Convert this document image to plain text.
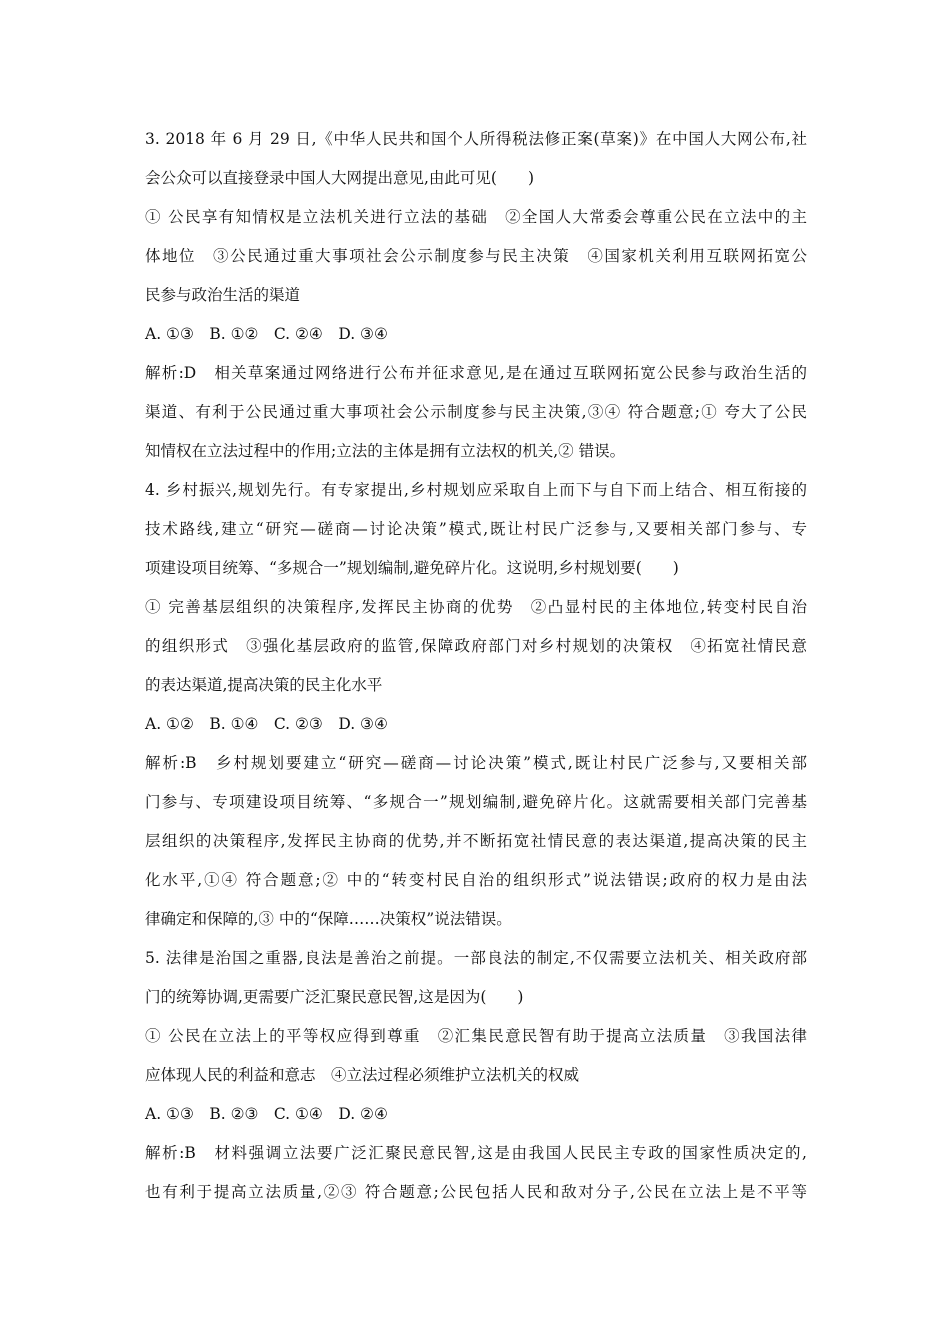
3. 2018 年 6 月 29 日,《中华人民共和国个人所得税法修正案(草案)》在中国人大网公布,社
会公众可以直接登录中国人大网提出意见,由此可见(　　)
① 公民享有知情权是立法机关进行立法的基础　②全国人大常委会尊重公民在立法中的主
体地位　③公民通过重大事项社会公示制度参与民主决策　④国家机关利用互联网拓宽公
民参与政治生活的渠道
A. ①③　B. ①②　C. ②④　D. ③④
解析:D　相关草案通过网络进行公布并征求意见,是在通过互联网拓宽公民参与政治生活的
渠道、有利于公民通过重大事项社会公示制度参与民主决策,③④ 符合题意;① 夸大了公民
知情权在立法过程中的作用;立法的主体是拥有立法权的机关,② 错误。
4. 乡村振兴,规划先行。有专家提出,乡村规划应采取自上而下与自下而上结合、相互衔接的
技术路线,建立“研究—磋商—讨论决策”模式,既让村民广泛参与,又要相关部门参与、专
项建设项目统筹、“多规合一”规划编制,避免碎片化。这说明,乡村规划要(　　)
① 完善基层组织的决策程序,发挥民主协商的优势　②凸显村民的主体地位,转变村民自治
的组织形式　③强化基层政府的监管,保障政府部门对乡村规划的决策权　④拓宽社情民意
的表达渠道,提高决策的民主化水平
A. ①②　B. ①④　C. ②③　D. ③④
解析:B　乡村规划要建立“研究—磋商—讨论决策”模式,既让村民广泛参与,又要相关部
门参与、专项建设项目统筹、“多规合一”规划编制,避免碎片化。这就需要相关部门完善基
层组织的决策程序,发挥民主协商的优势,并不断拓宽社情民意的表达渠道,提高决策的民主
化水平,①④ 符合题意;② 中的“转变村民自治的组织形式”说法错误;政府的权力是由法
律确定和保障的,③ 中的“保障……决策权”说法错误。
5. 法律是治国之重器,良法是善治之前提。一部良法的制定,不仅需要立法机关、相关政府部
门的统筹协调,更需要广泛汇聚民意民智,这是因为(　　)
① 公民在立法上的平等权应得到尊重　②汇集民意民智有助于提高立法质量　③我国法律
应体现人民的利益和意志　④立法过程必须维护立法机关的权威
A. ①③　B. ②③　C. ①④　D. ②④
解析:B　材料强调立法要广泛汇聚民意民智,这是由我国人民民主专政的国家性质决定的,
也有利于提高立法质量,②③ 符合题意;公民包括人民和敌对分子,公民在立法上是不平等
